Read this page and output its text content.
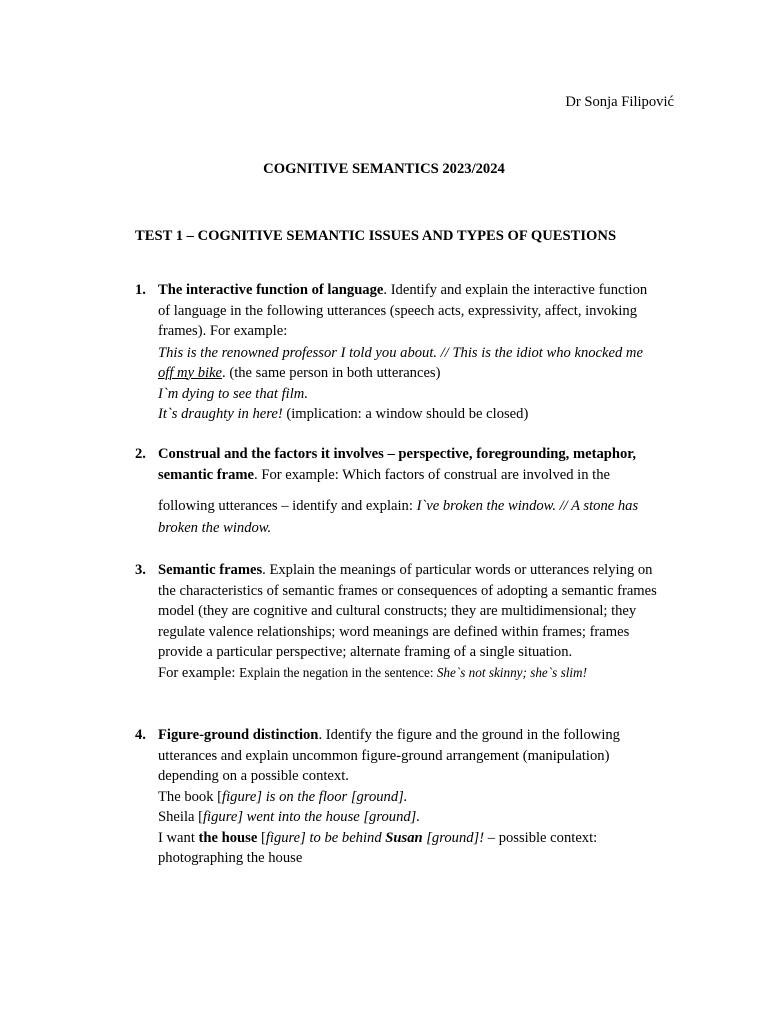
Dr Sonja Filipović
COGNITIVE SEMANTICS 2023/2024
TEST 1 – COGNITIVE SEMANTIC ISSUES AND TYPES OF QUESTIONS
1. The interactive function of language. Identify and explain the interactive function
of language in the following utterances (speech acts, expressivity, affect, invoking
frames). For example:
This is the renowned professor I told you about. // This is the idiot who knocked me
off my bike. (the same person in both utterances)
I`m dying to see that film.
It`s draughty in here! (implication: a window should be closed)
2. Construal and the factors it involves – perspective, foregrounding, metaphor,
semantic frame. For example: Which factors of construal are involved in the
following utterances – identify and explain: I`ve broken the window. // A stone has
broken the window.
3. Semantic frames. Explain the meanings of particular words or utterances relying on
the characteristics of semantic frames or consequences of adopting a semantic frames
model (they are cognitive and cultural constructs; they are multidimensional; they
regulate valence relationships; word meanings are defined within frames; frames
provide a particular perspective; alternate framing of a single situation.
For example: Explain the negation in the sentence: She`s not skinny; she`s slim!
4. Figure-ground distinction. Identify the figure and the ground in the following
utterances and explain uncommon figure-ground arrangement (manipulation)
depending on a possible context.
The book [figure] is on the floor [ground].
Sheila [figure] went into the house [ground].
I want the house [figure] to be behind Susan [ground]! – possible context:
photographing the house
